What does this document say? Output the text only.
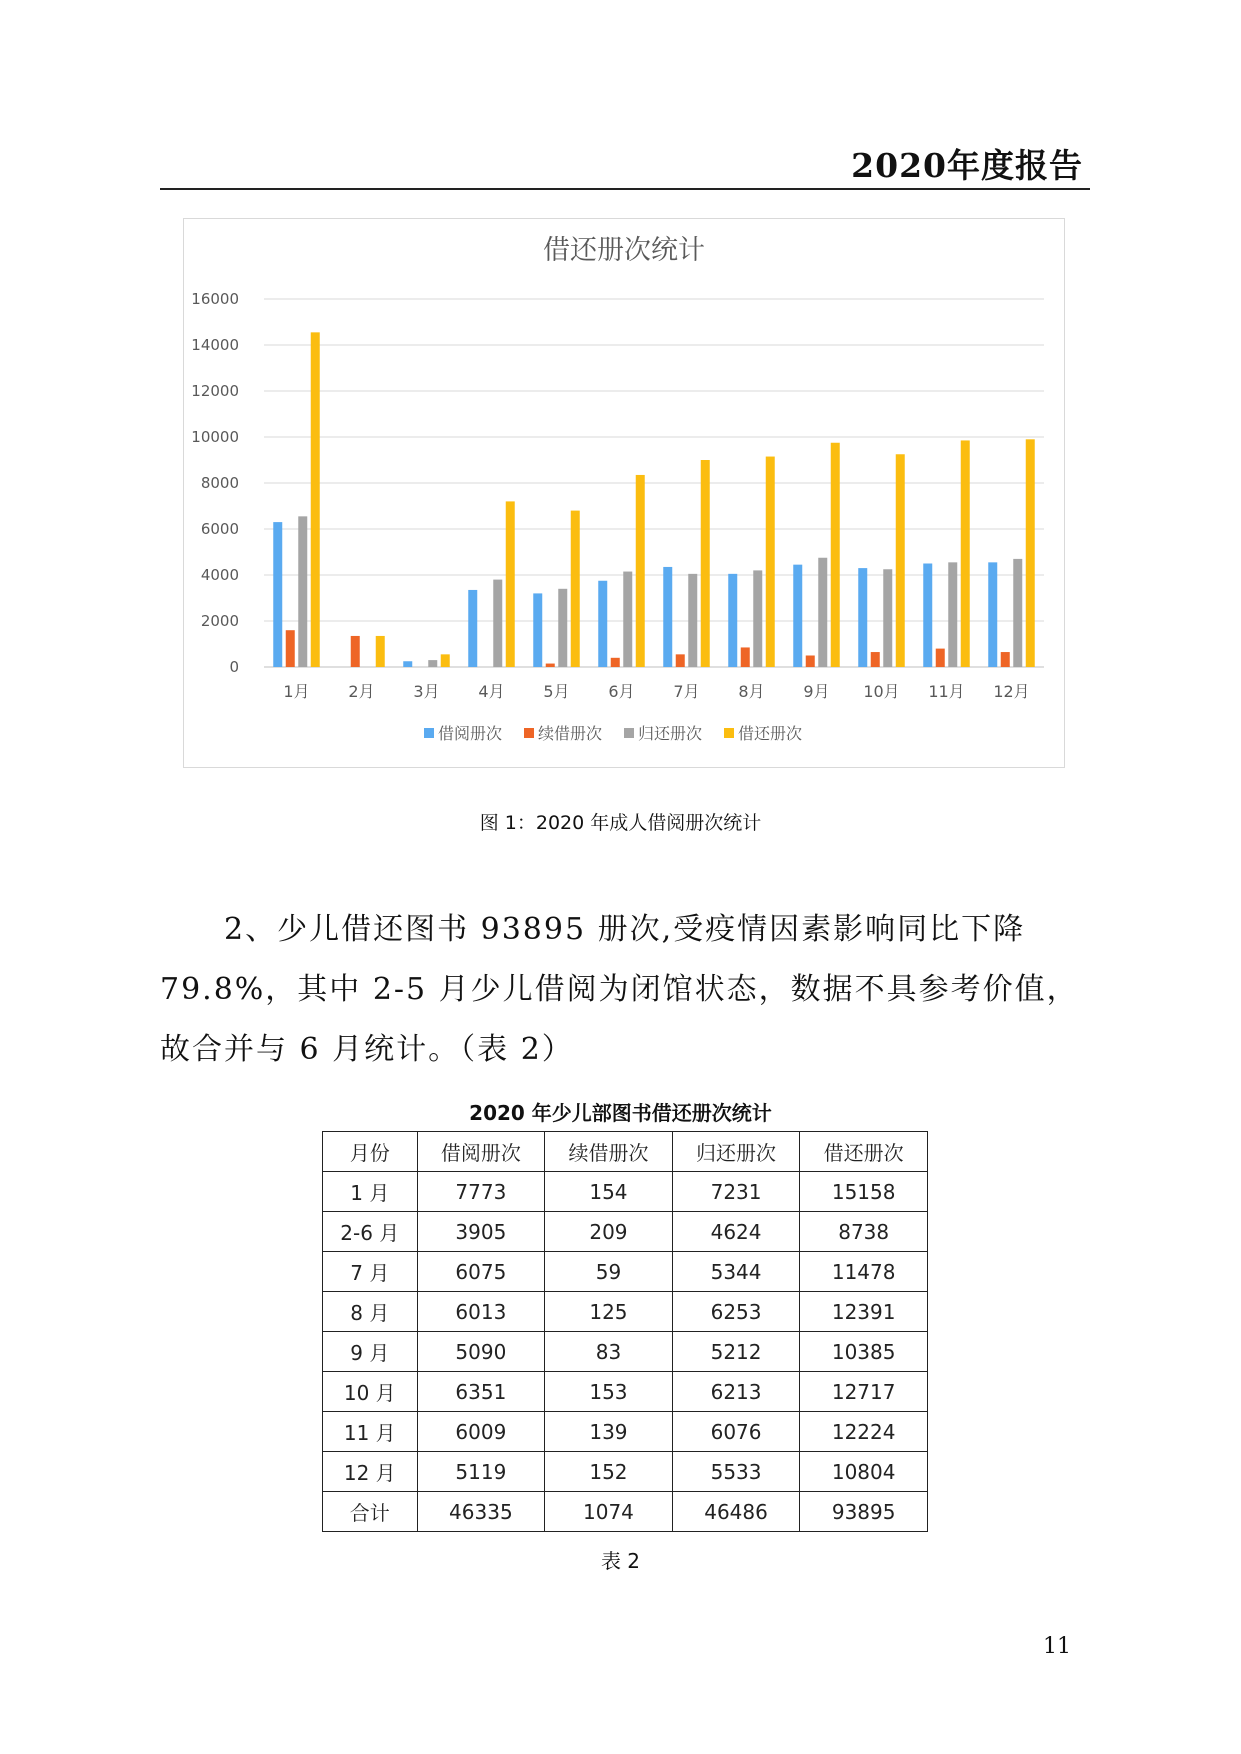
2020年度报告
借还册次统计
0
2000
4000
6000
8000
10000
12000
14000
16000
1月 2月 3月 4月 5月 6月 7月 8月 9月 10月 11月 12月
借阅册次 续借册次 归还册次 借还册次
图 1：2020 年成人借阅册次统计
2、少儿借还图书 93895 册次,受疫情因素影响同比下降 79.8%，其中 2-5 月少儿借阅为闭馆状态，数据不具参考价值，故合并与 6 月统计。（表 2）
2020 年少儿部图书借还册次统计
月份	借阅册次	续借册次	归还册次	借还册次
1 月	7773	154	7231	15158
2-6 月	3905	209	4624	8738
7 月	6075	59	5344	11478
8 月	6013	125	6253	12391
9 月	5090	83	5212	10385
10 月	6351	153	6213	12717
11 月	6009	139	6076	12224
12 月	5119	152	5533	10804
合计	46335	1074	46486	93895
表 2
11
